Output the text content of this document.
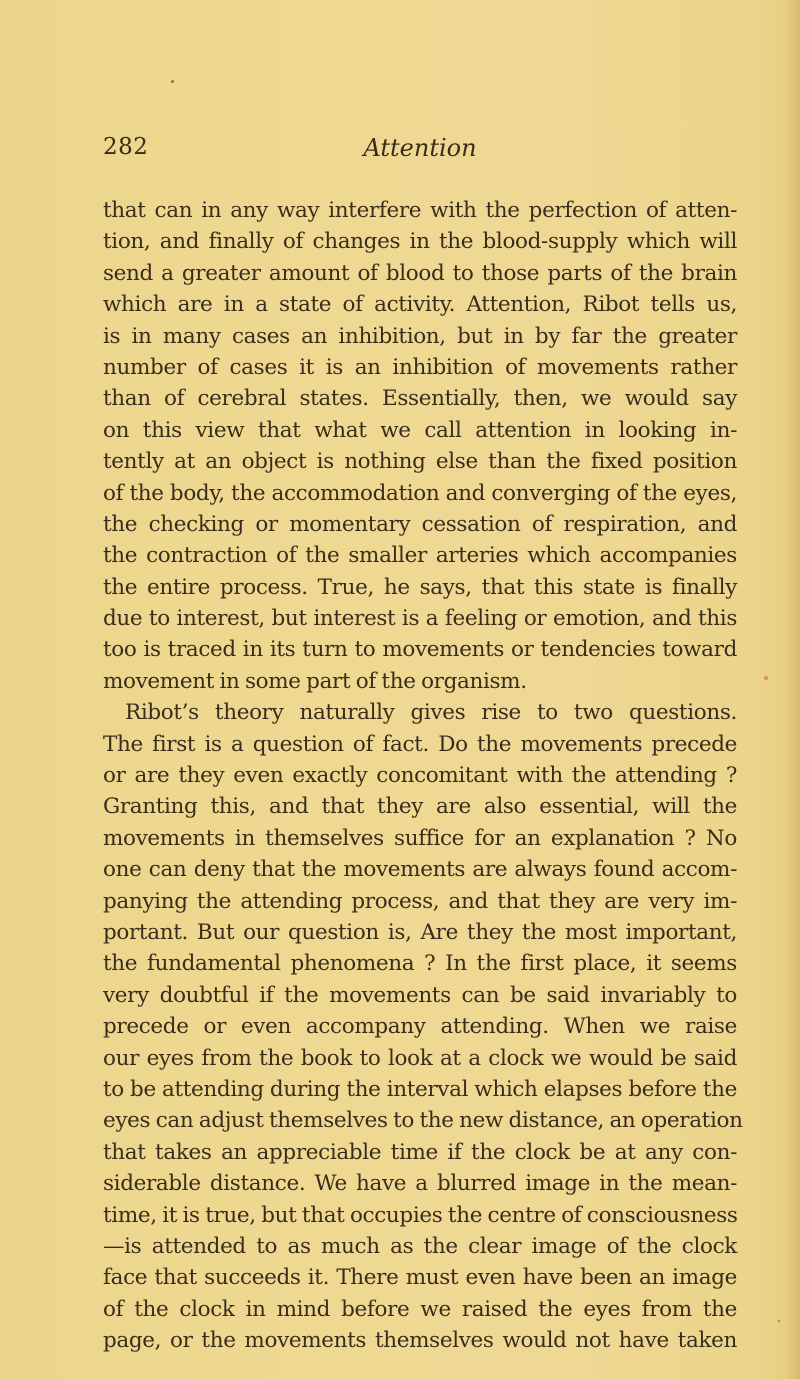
282	Attention
that can in any way interfere with the perfection of atten-
tion, and finally of changes in the blood-supply which will
send a greater amount of blood to those parts of the brain
which are in a state of activity. Attention, Ribot tells us,
is in many cases an inhibition, but in by far the greater
number of cases it is an inhibition of movements rather
than of cerebral states. Essentially, then, we would say
on this view that what we call attention in looking in-
tently at an object is nothing else than the fixed position
of the body, the accommodation and converging of the eyes,
the checking or momentary cessation of respiration, and
the contraction of the smaller arteries which accompanies
the entire process. True, he says, that this state is finally
due to interest, but interest is a feeling or emotion, and this
too is traced in its turn to movements or tendencies toward
movement in some part of the organism.
Ribot’s theory naturally gives rise to two questions.
The first is a question of fact. Do the movements precede
or are they even exactly concomitant with the attending ?
Granting this, and that they are also essential, will the
movements in themselves suffice for an explanation ? No
one can deny that the movements are always found accom-
panying the attending process, and that they are very im-
portant. But our question is, Are they the most important,
the fundamental phenomena ? In the first place, it seems
very doubtful if the movements can be said invariably to
precede or even accompany attending. When we raise
our eyes from the book to look at a clock we would be said
to be attending during the interval which elapses before the
eyes can adjust themselves to the new distance, an operation
that takes an appreciable time if the clock be at any con-
siderable distance. We have a blurred image in the mean-
time, it is true, but that occupies the centre of consciousness
—is attended to as much as the clear image of the clock
face that succeeds it. There must even have been an image
of the clock in mind before we raised the eyes from the
page, or the movements themselves would not have taken
